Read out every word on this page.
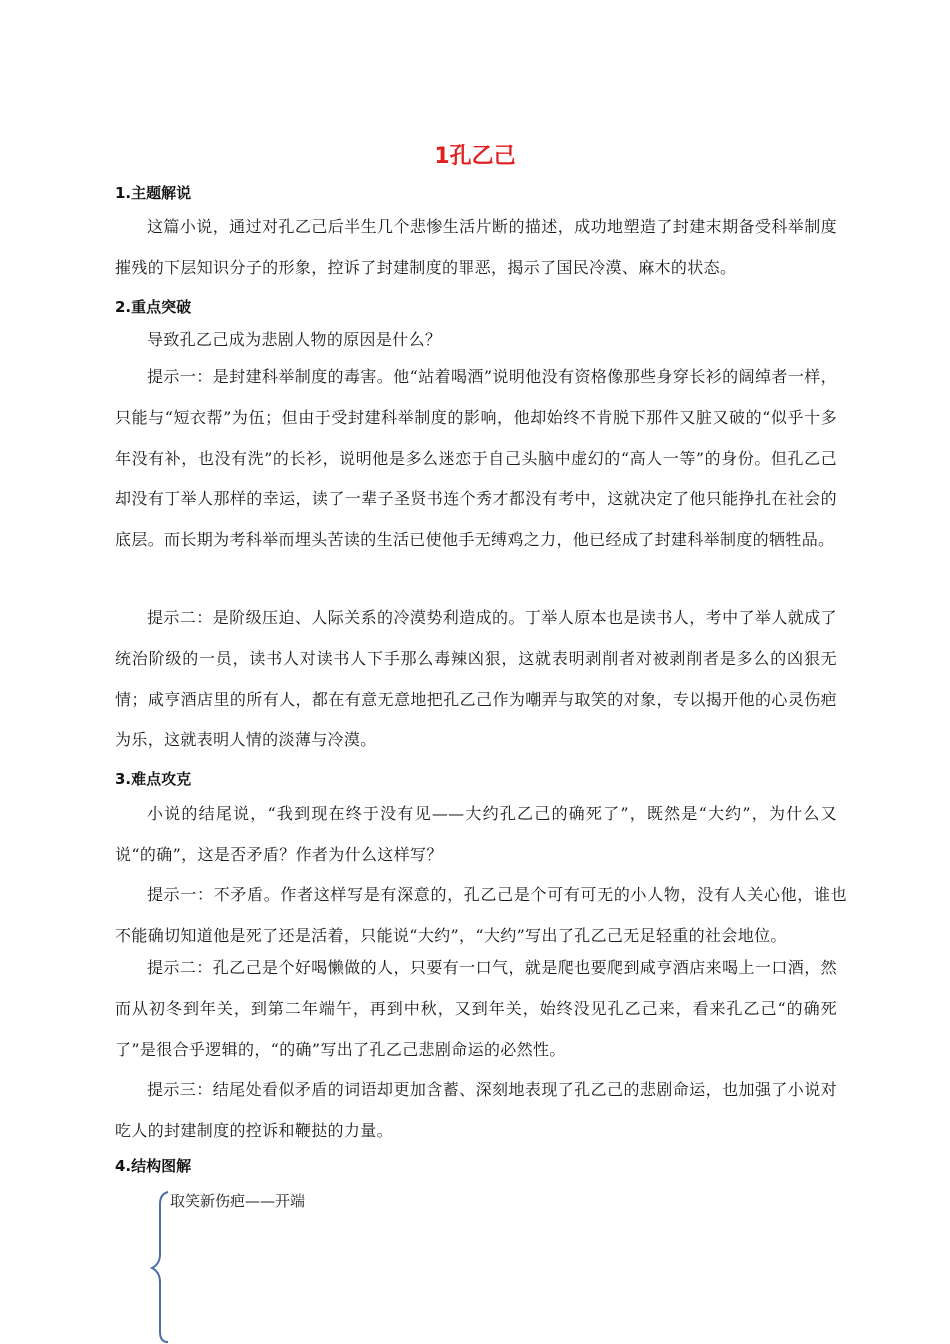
1孔乙己
1.主题解说
这篇小说，通过对孔乙己后半生几个悲惨生活片断的描述，成功地塑造了封建末期备受科举制度摧残的下层知识分子的形象，控诉了封建制度的罪恶，揭示了国民冷漠、麻木的状态。
2.重点突破
导致孔乙己成为悲剧人物的原因是什么？
提示一：是封建科举制度的毒害。他“站着喝酒”说明他没有资格像那些身穿长衫的阔绰者一样，只能与“短衣帮”为伍；但由于受封建科举制度的影响，他却始终不肯脱下那件又脏又破的“似乎十多年没有补，也没有洗”的长衫，说明他是多么迷恋于自己头脑中虚幻的“高人一等”的身份。但孔乙己却没有丁举人那样的幸运，读了一辈子圣贤书连个秀才都没有考中，这就决定了他只能挣扎在社会的底层。而长期为考科举而埋头苦读的生活已使他手无缚鸡之力，他已经成了封建科举制度的牺牲品。
提示二：是阶级压迫、人际关系的冷漠势利造成的。丁举人原本也是读书人，考中了举人就成了统治阶级的一员，读书人对读书人下手那么毒辣凶狠，这就表明剥削者对被剥削者是多么的凶狠无情；咸亨酒店里的所有人，都在有意无意地把孔乙己作为嘲弄与取笑的对象，专以揭开他的心灵伤疤为乐，这就表明人情的淡薄与冷漠。
3.难点攻克
小说的结尾说，“我到现在终于没有见——大约孔乙己的确死了”，既然是“大约”，为什么又说“的确”，这是否矛盾？作者为什么这样写？
提示一：不矛盾。作者这样写是有深意的，孔乙己是个可有可无的小人物，没有人关心他，谁也不能确切知道他是死了还是活着，只能说“大约”，“大约”写出了孔乙己无足轻重的社会地位。
提示二：孔乙己是个好喝懒做的人，只要有一口气，就是爬也要爬到咸亨酒店来喝上一口酒，然而从初冬到年关，到第二年端午，再到中秋，又到年关，始终没见孔乙己来，看来孔乙己“的确死了”是很合乎逻辑的，“的确”写出了孔乙己悲剧命运的必然性。
提示三：结尾处看似矛盾的词语却更加含蓄、深刻地表现了孔乙己的悲剧命运，也加强了小说对吃人的封建制度的控诉和鞭挞的力量。
4.结构图解
取笑新伤疤——开端
